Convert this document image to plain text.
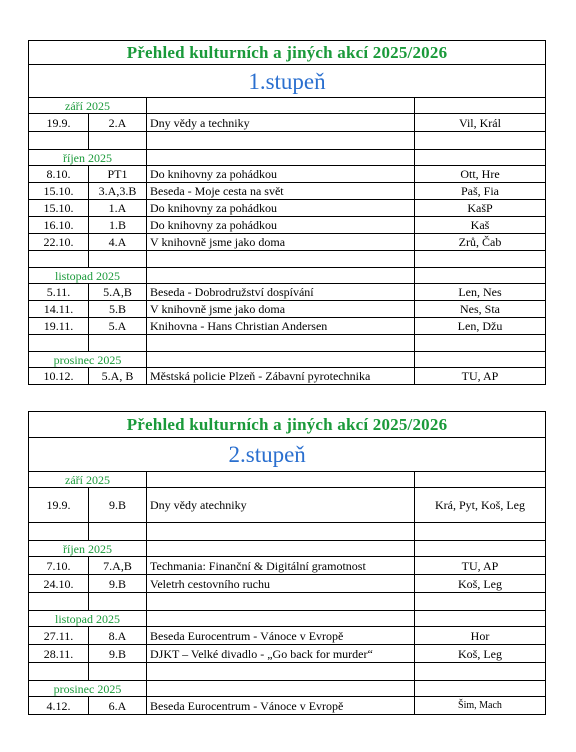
Přehled kulturních a jiných akcí 2025/2026			
1.stupeň			
září 2025			
19.9.	2.A	Dny vědy a techniky	Vil, Král

říjen 2025			
8.10.	PT1	Do knihovny za pohádkou	Ott, Hre
15.10.	3.A,3.B	Beseda - Moje cesta na svět	Paš, Fia
15.10.	1.A	Do knihovny za pohádkou	KašP
16.10.	1.B	Do knihovny za pohádkou	Kaš
22.10.	4.A	V knihovně jsme jako doma	Zrů, Čab

listopad 2025			
5.11.	5.A,B	Beseda - Dobrodružství dospívání	Len, Nes
14.11.	5.B	V knihovně jsme jako doma	Nes, Sta
19.11.	5.A	Knihovna - Hans Christian Andersen	Len, Džu

prosinec 2025			
10.12.	5.A, B	Městská policie Plzeň - Zábavní pyrotechnika	TU, AP
Přehled kulturních a jiných akcí 2025/2026			
		2.stupeň	
září 2025			
19.9.	9.B	Dny vědy atechniky	Krá, Pyt, Koš, Leg

říjen 2025			
7.10.	7.A,B	Techmania: Finanční & Digitální gramotnost	TU, AP
24.10.	9.B	Veletrh cestovního ruchu	Koš, Leg

listopad 2025			
27.11.	8.A	Beseda Eurocentrum - Vánoce v Evropě	Hor
28.11.	9.B	DJKT – Velké divadlo - „Go back for murder“	Koš, Leg

prosinec 2025			
4.12.	6.A	Beseda Eurocentrum - Vánoce v Evropě	Šim, Mach
